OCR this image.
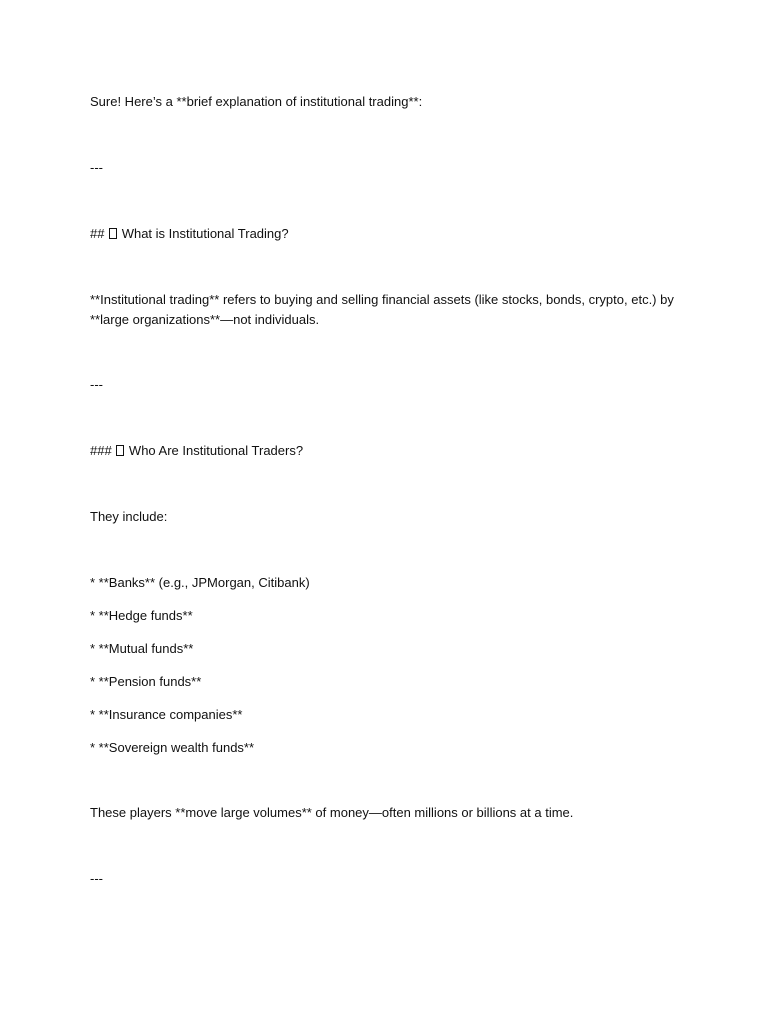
Sure! Here’s a **brief explanation of institutional trading**:
---
##  What is Institutional Trading?
**Institutional trading** refers to buying and selling financial assets (like stocks, bonds, crypto, etc.) by
**large organizations**—not individuals.
---
###  Who Are Institutional Traders?
They include:
* **Banks** (e.g., JPMorgan, Citibank)
* **Hedge funds**
* **Mutual funds**
* **Pension funds**
* **Insurance companies**
* **Sovereign wealth funds**
These players **move large volumes** of money—often millions or billions at a time.
---
